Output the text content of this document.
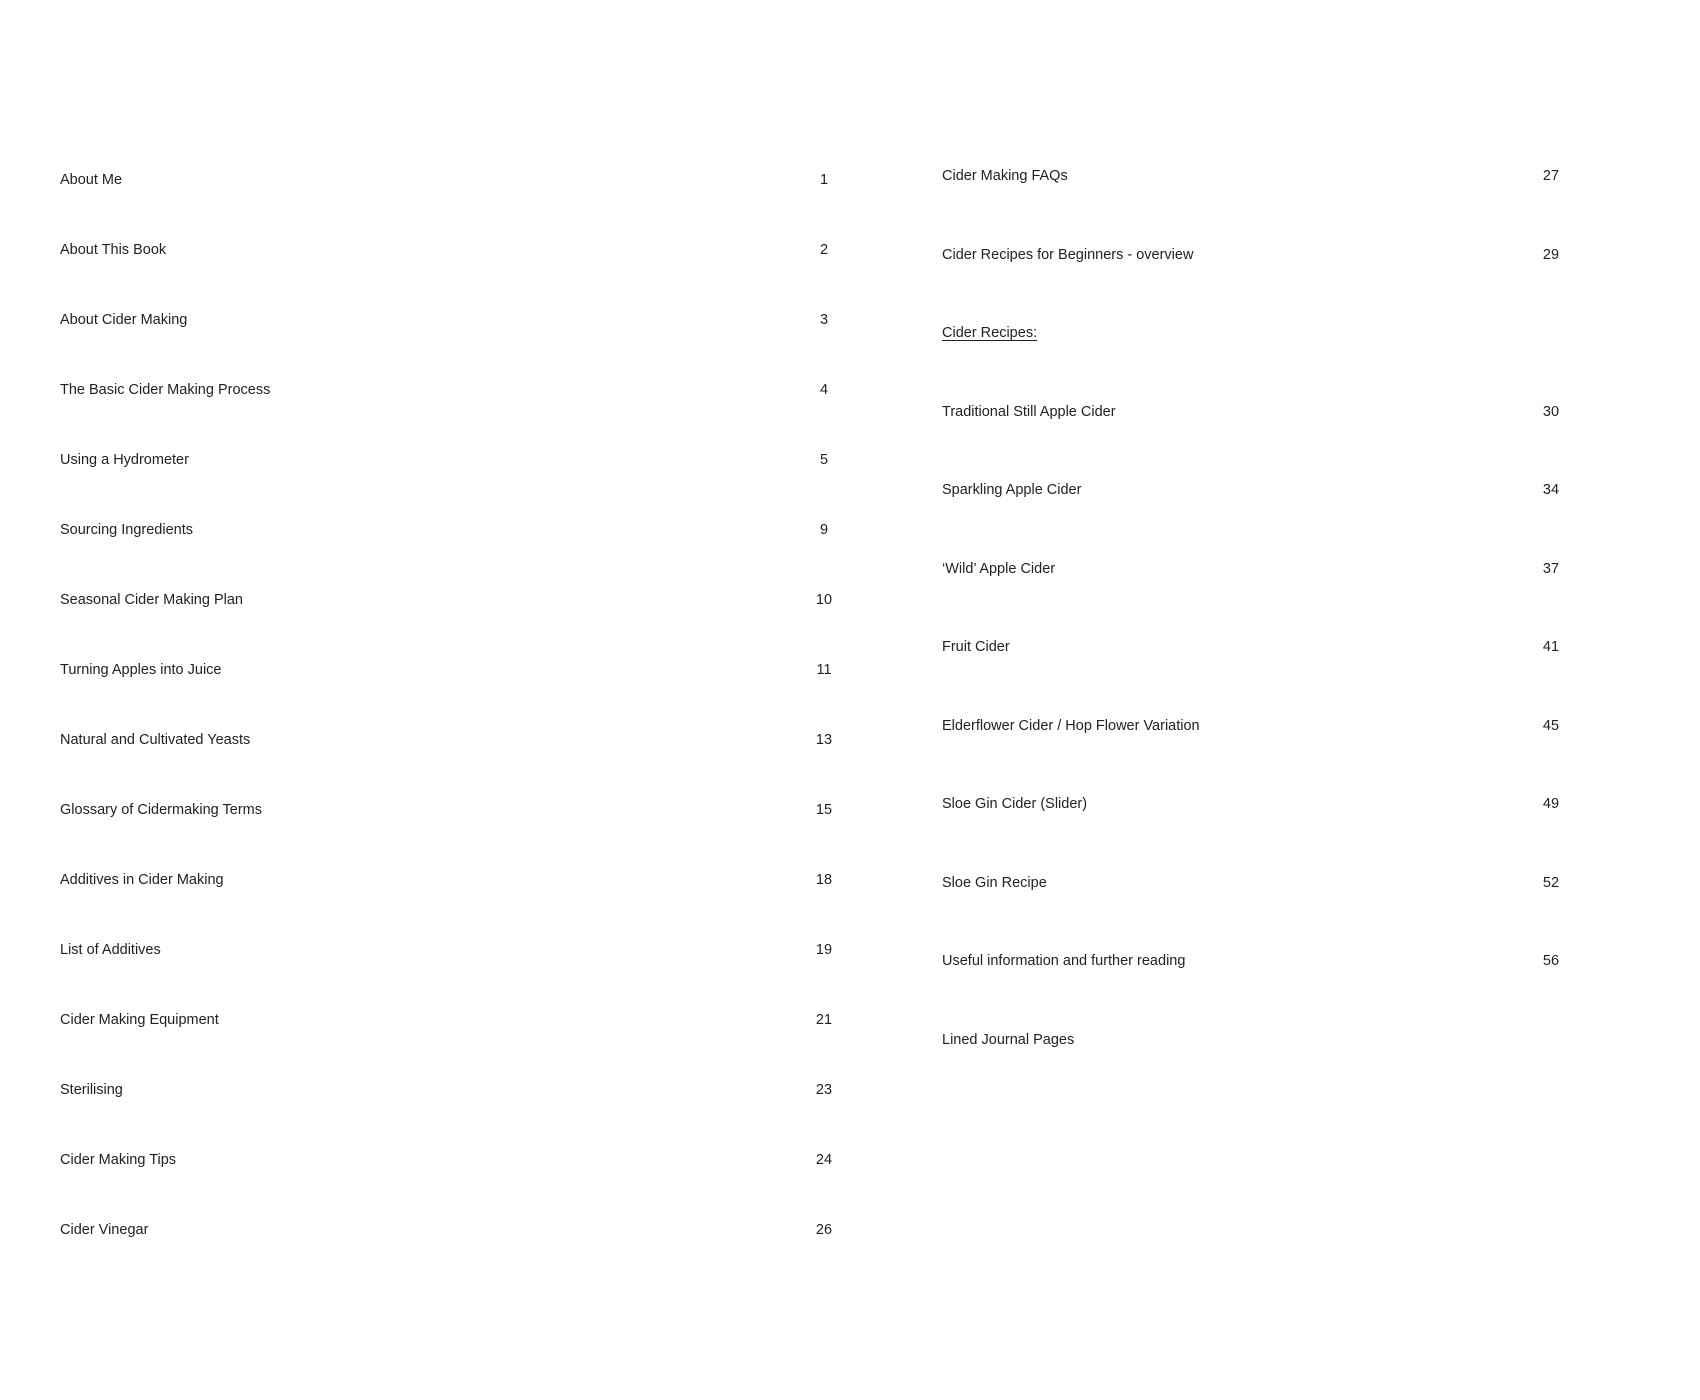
About Me	1
About This Book	2
About Cider Making	3
The Basic Cider Making Process	4
Using a Hydrometer	5
Sourcing Ingredients	9
Seasonal Cider Making Plan	10
Turning Apples into Juice	11
Natural and Cultivated Yeasts	13
Glossary of Cidermaking Terms	15
Additives in Cider Making	18
List of Additives	19
Cider Making Equipment	21
Sterilising	23
Cider Making Tips	24
Cider Vinegar	26
Cider Making FAQs	27
Cider Recipes for Beginners - overview	29
Cider Recipes:
Traditional Still Apple Cider	30
Sparkling Apple Cider	34
‘Wild’ Apple Cider	37
Fruit Cider	41
Elderflower Cider / Hop Flower Variation	45
Sloe Gin Cider (Slider)	49
Sloe Gin Recipe	52
Useful information and further reading	56
Lined Journal Pages
